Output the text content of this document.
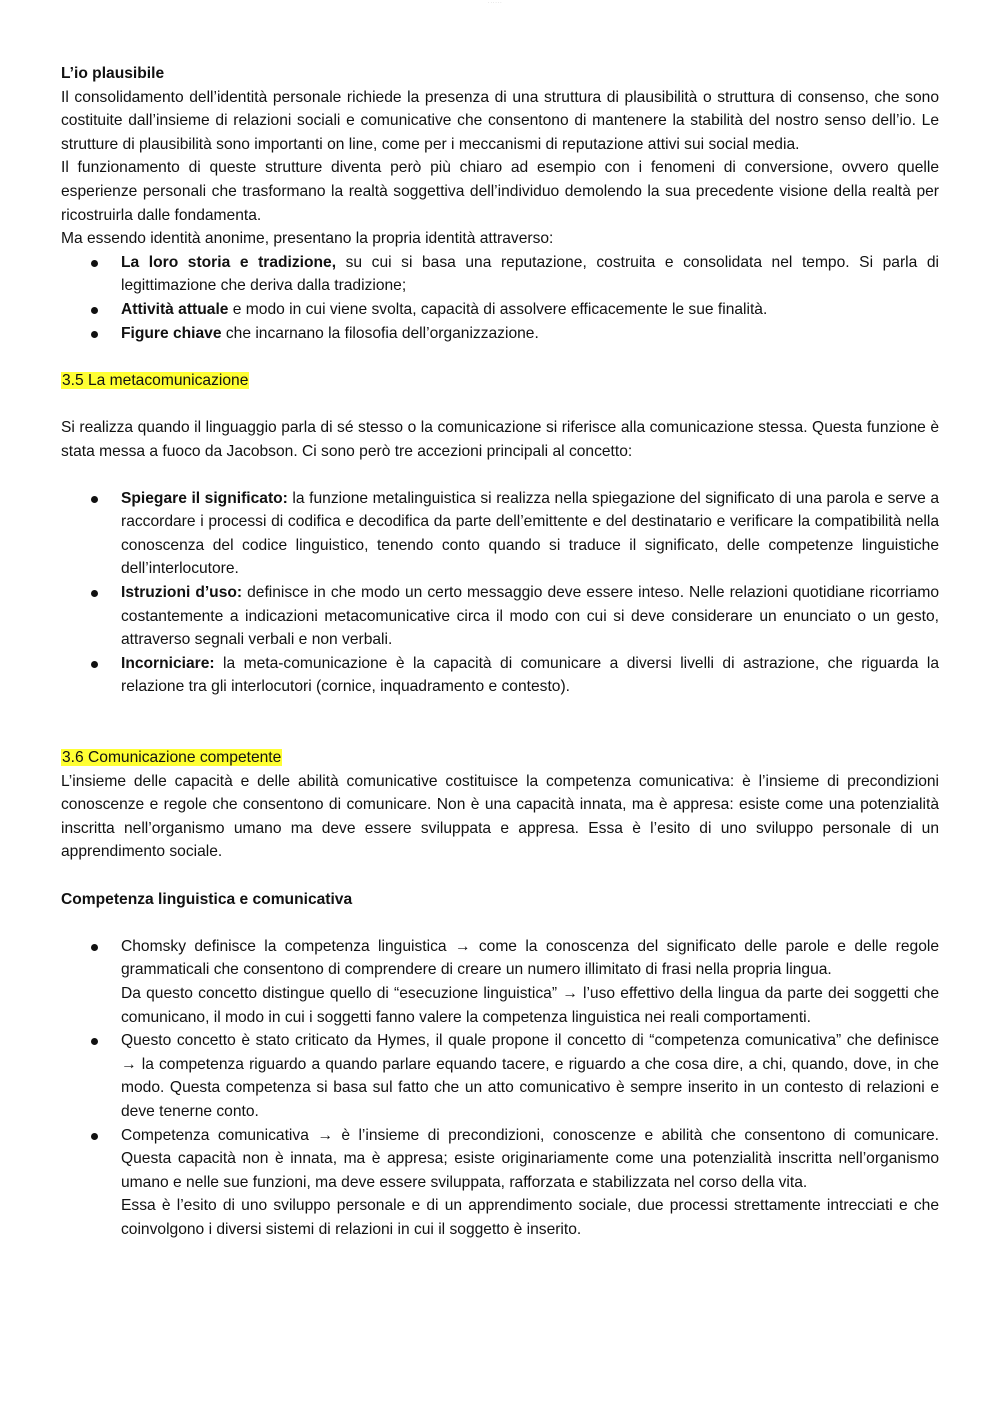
· · · · · ·

L’io plausibile

Il consolidamento dell’identità personale richiede la presenza di una struttura di plausibilità o struttura di consenso, che sono costituite dall’insieme di relazioni sociali e comunicative che consentono di mantenere la stabilità del nostro senso dell’io. Le strutture di plausibilità sono importanti on line, come per i meccanismi di reputazione attivi sui social media.

Il funzionamento di queste strutture diventa però più chiaro ad esempio con i fenomeni di conversione, ovvero quelle esperienze personali che trasformano la realtà soggettiva dell’individuo demolendo la sua precedente visione della realtà per ricostruirla dalle fondamenta.

Ma essendo identità anonime, presentano la propria identità attraverso:

La loro storia e tradizione, su cui si basa una reputazione, costruita e consolidata nel tempo. Si parla di legittimazione che deriva dalla tradizione;
Attività attuale e modo in cui viene svolta, capacità di assolvere efficacemente le sue finalità.
Figure chiave che incarnano la filosofia dell’organizzazione.

3.5 La metacomunicazione

Si realizza quando il linguaggio parla di sé stesso o la comunicazione si riferisce alla comunicazione stessa. Questa funzione è stata messa a fuoco da Jacobson. Ci sono però tre accezioni principali al concetto:

Spiegare il significato: la funzione metalinguistica si realizza nella spiegazione del significato di una parola e serve a raccordare i processi di codifica e decodifica da parte dell’emittente e del destinatario e verificare la compatibilità nella conoscenza del codice linguistico, tenendo conto quando si traduce il significato, delle competenze linguistiche dell’interlocutore.
Istruzioni d’uso: definisce in che modo un certo messaggio deve essere inteso. Nelle relazioni quotidiane ricorriamo costantemente a indicazioni metacomunicative circa il modo con cui si deve considerare un enunciato o un gesto, attraverso segnali verbali e non verbali.
Incorniciare: la meta-comunicazione è la capacità di comunicare a diversi livelli di astrazione, che riguarda la relazione tra gli interlocutori (cornice, inquadramento e contesto).

3.6 Comunicazione competente

L’insieme delle capacità e delle abilità comunicative costituisce la competenza comunicativa: è l’insieme di precondizioni conoscenze e regole che consentono di comunicare. Non è una capacità innata, ma è appresa: esiste come una potenzialità inscritta nell’organismo umano ma deve essere sviluppata e appresa. Essa è l’esito di uno sviluppo personale di un apprendimento sociale.

Competenza linguistica e comunicativa

Chomsky definisce la competenza linguistica → come la conoscenza del significato delle parole e delle regole grammaticali che consentono di comprendere di creare un numero illimitato di frasi nella propria lingua.
Da questo concetto distingue quello di “esecuzione linguistica” → l’uso effettivo della lingua da parte dei soggetti che comunicano, il modo in cui i soggetti fanno valere la competenza linguistica nei reali comportamenti.
Questo concetto è stato criticato da Hymes, il quale propone il concetto di “competenza comunicativa” che definisce → la competenza riguardo a quando parlare equando tacere, e riguardo a che cosa dire, a chi, quando, dove, in che modo. Questa competenza si basa sul fatto che un atto comunicativo è sempre inserito in un contesto di relazioni e deve tenerne conto.
Competenza comunicativa → è l’insieme di precondizioni, conoscenze e abilità che consentono di comunicare. Questa capacità non è innata, ma è appresa; esiste originariamente come una potenzialità inscritta nell’organismo umano e nelle sue funzioni, ma deve essere sviluppata, rafforzata e stabilizzata nel corso della vita.
Essa è l’esito di uno sviluppo personale e di un apprendimento sociale, due processi strettamente intrecciati e che coinvolgono i diversi sistemi di relazioni in cui il soggetto è inserito.
